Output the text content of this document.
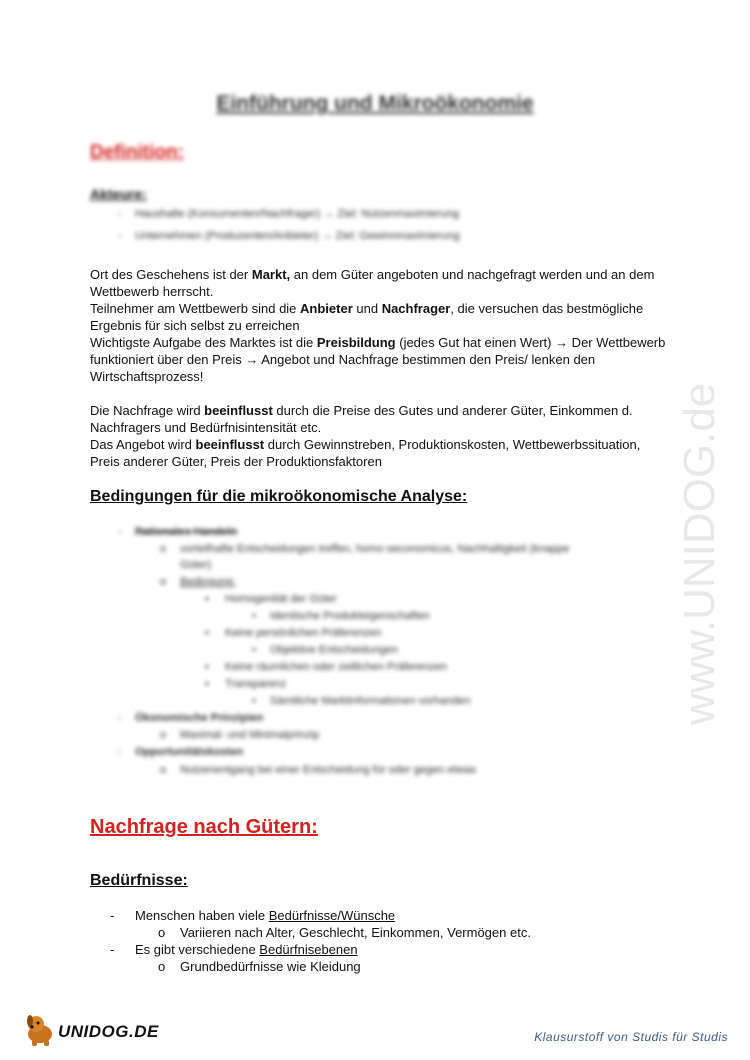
Einführung und Mikroökonomie
Definition:
Akteure:
- Haushalte (Konsumenten/Nachfrager) → Ziel: Nutzenmaximierung
- Unternehmen (Produzenten/Anbieter) → Ziel: Gewinnmaximierung

Ort des Geschehens ist der Markt, an dem Güter angeboten und nachgefragt werden und an dem

Wettbewerb herrscht.

Teilnehmer am Wettbewerb sind die Anbieter und Nachfrager, die versuchen das bestmögliche

Ergebnis für sich selbst zu erreichen

Wichtigste Aufgabe des Marktes ist die Preisbildung (jedes Gut hat einen Wert) → Der Wettbewerb

funktioniert über den Preis → Angebot und Nachfrage bestimmen den Preis/ lenken den

Wirtschaftsprozess!

Die Nachfrage wird beeinflusst durch die Preise des Gutes und anderer Güter, Einkommen d.

Nachfragers und Bedürfnisintensität etc.

Das Angebot wird beeinflusst durch Gewinnstreben, Produktionskosten, Wettbewerbssituation,

Preis anderer Güter, Preis der Produktionsfaktoren

Bedingungen für die mikroökonomische Analyse:
- Rationales Handeln
o vorteilhafte Entscheidungen treffen, homo oeconomicus, Nachhaltigkeit (knappe
Güter)
o Bedingung:
▪ Homogenität der Güter
• Identische Produkteigenschaften
▪ Keine persönlichen Präferenzen
• Objektive Entscheidungen
▪ Keine räumlichen oder zeitlichen Präferenzen
▪ Transparenz
• Sämtliche Marktinformationen vorhanden
- Ökonomische Prinzipien
o Maximal- und Minimalprinzip
- Opportunitätskosten
o Nutzenentgang bei einer Entscheidung für oder gegen etwas
Nachfrage nach Gütern:
Bedürfnisse:
- Menschen haben viele Bedürfnisse/Wünsche
o Variieren nach Alter, Geschlecht, Einkommen, Vermögen etc.
- Es gibt verschiedene Bedürfnisebenen
o Grundbedürfnisse wie Kleidung
www.UNIDOG.de
UNIDOG.DE	Klausurstoff von Studis für Studis
